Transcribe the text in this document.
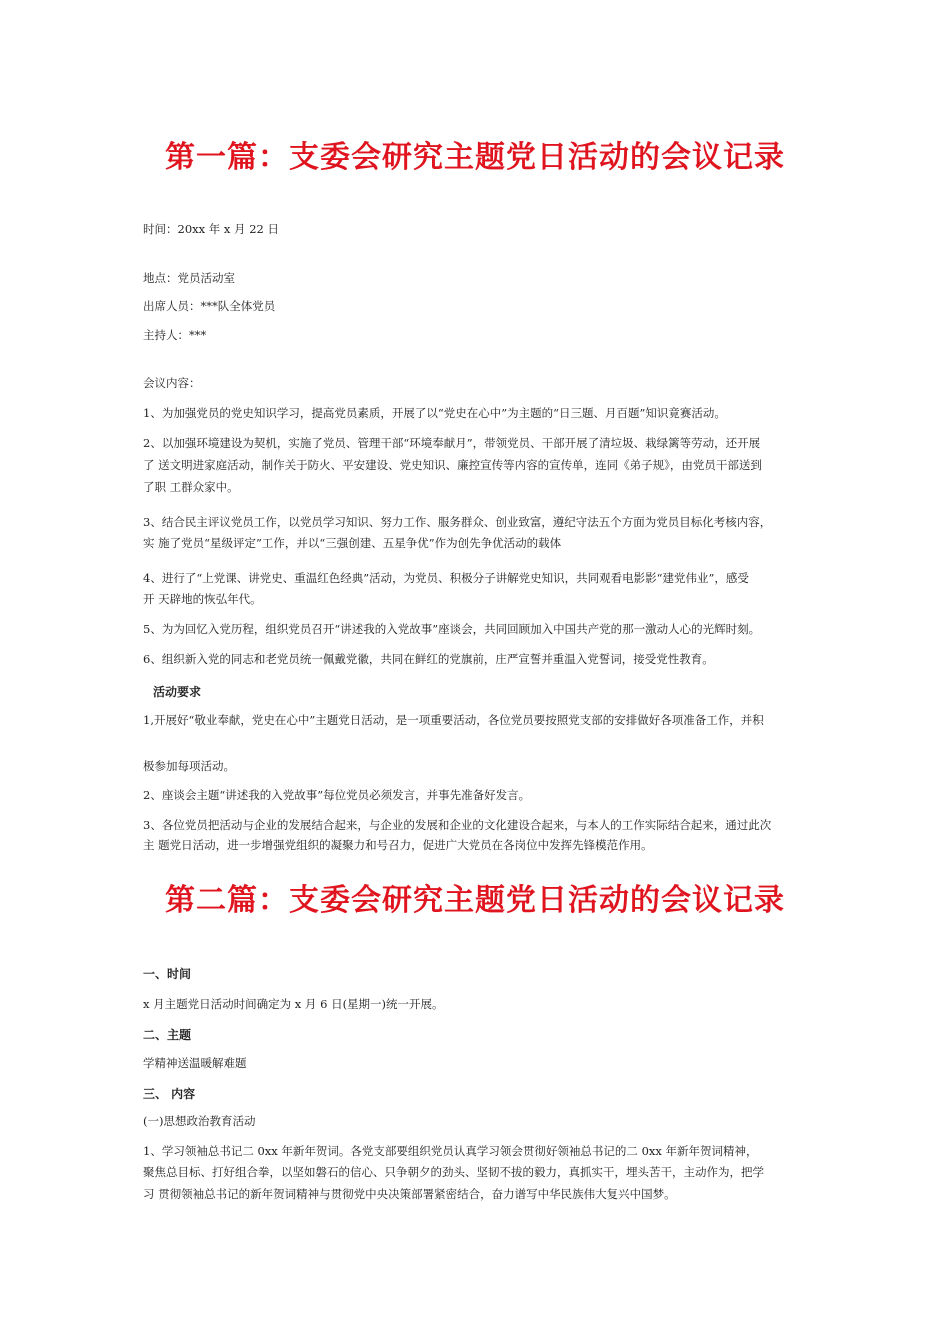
第一篇：支委会研究主题党日活动的会议记录

时间：20xx 年 x 月 22 日

地点：党员活动室

出席人员：***队全体党员

主持人：***

会议内容：

1、为加强党员的党史知识学习，提高党员素质，开展了以“党史在心中”为主题的“日三题、月百题”知识竟赛活动。

2、以加强环境建设为契机，实施了党员、管理干部“环境奉献月”，带领党员、干部开展了清垃圾、栽绿篱等劳动，还开展

了 送文明进家庭活动，制作关于防火、平安建设、党史知识、廉控宣传等内容的宣传单，连同《弟子规》，由党员干部送到

了职 工群众家中。

3、结合民主评议党员工作，以党员学习知识、努力工作、服务群众、创业致富，遵纪守法五个方面为党员目标化考核内容，

实 施了党员“星级评定”工作，并以“三强创建、五星争优”作为创先争优活动的载体

4、进行了“上党课、讲党史、重温红色经典”活动，为党员、积极分子讲解党史知识，共同观看电影影“建党伟业”，感受

开 天辟地的恢弘年代。

5、为为回忆入党历程，组织党员召开“讲述我的入党故事”座谈会，共同回顾加入中国共产党的那一激动人心的光辉时刻。

6、组织新入党的同志和老党员统一佩戴党徽，共同在鲜红的党旗前，庄严宣誓并重温入党誓词，接受党性教育。

活动要求

1,开展好“敬业奉献，党史在心中”主题党日活动，是一项重要活动，各位党员要按照党支部的安排做好各项准备工作，并积

极参加每项活动。

2、座谈会主题“讲述我的入党故事”每位党员必须发言，并事先准备好发言。

3、各位党员把活动与企业的发展结合起来，与企业的发展和企业的文化建设合起来，与本人的工作实际结合起来，通过此次

主 题党日活动，进一步增强党组织的凝聚力和号召力，促进广大党员在各岗位中发挥先锋模范作用。

第二篇：支委会研究主题党日活动的会议记录

一、时间

x 月主题党日活动时间确定为 x 月 6 日(星期一)统一开展。

二、主题

学精神送温暖解难题

三、 内容

(一)思想政治教育活动

1、学习领袖总书记二 0xx 年新年贺词。各党支部要组织党员认真学习领会贯彻好领袖总书记的二 0xx 年新年贺词精神，

聚焦总目标、打好组合拳，以坚如磐石的信心、只争朝夕的劲头、坚韧不拔的毅力，真抓实干，埋头苦干，主动作为，把学

习 贯彻领袖总书记的新年贺词精神与贯彻党中央决策部署紧密结合，奋力谱写中华民族伟大复兴中国梦。
